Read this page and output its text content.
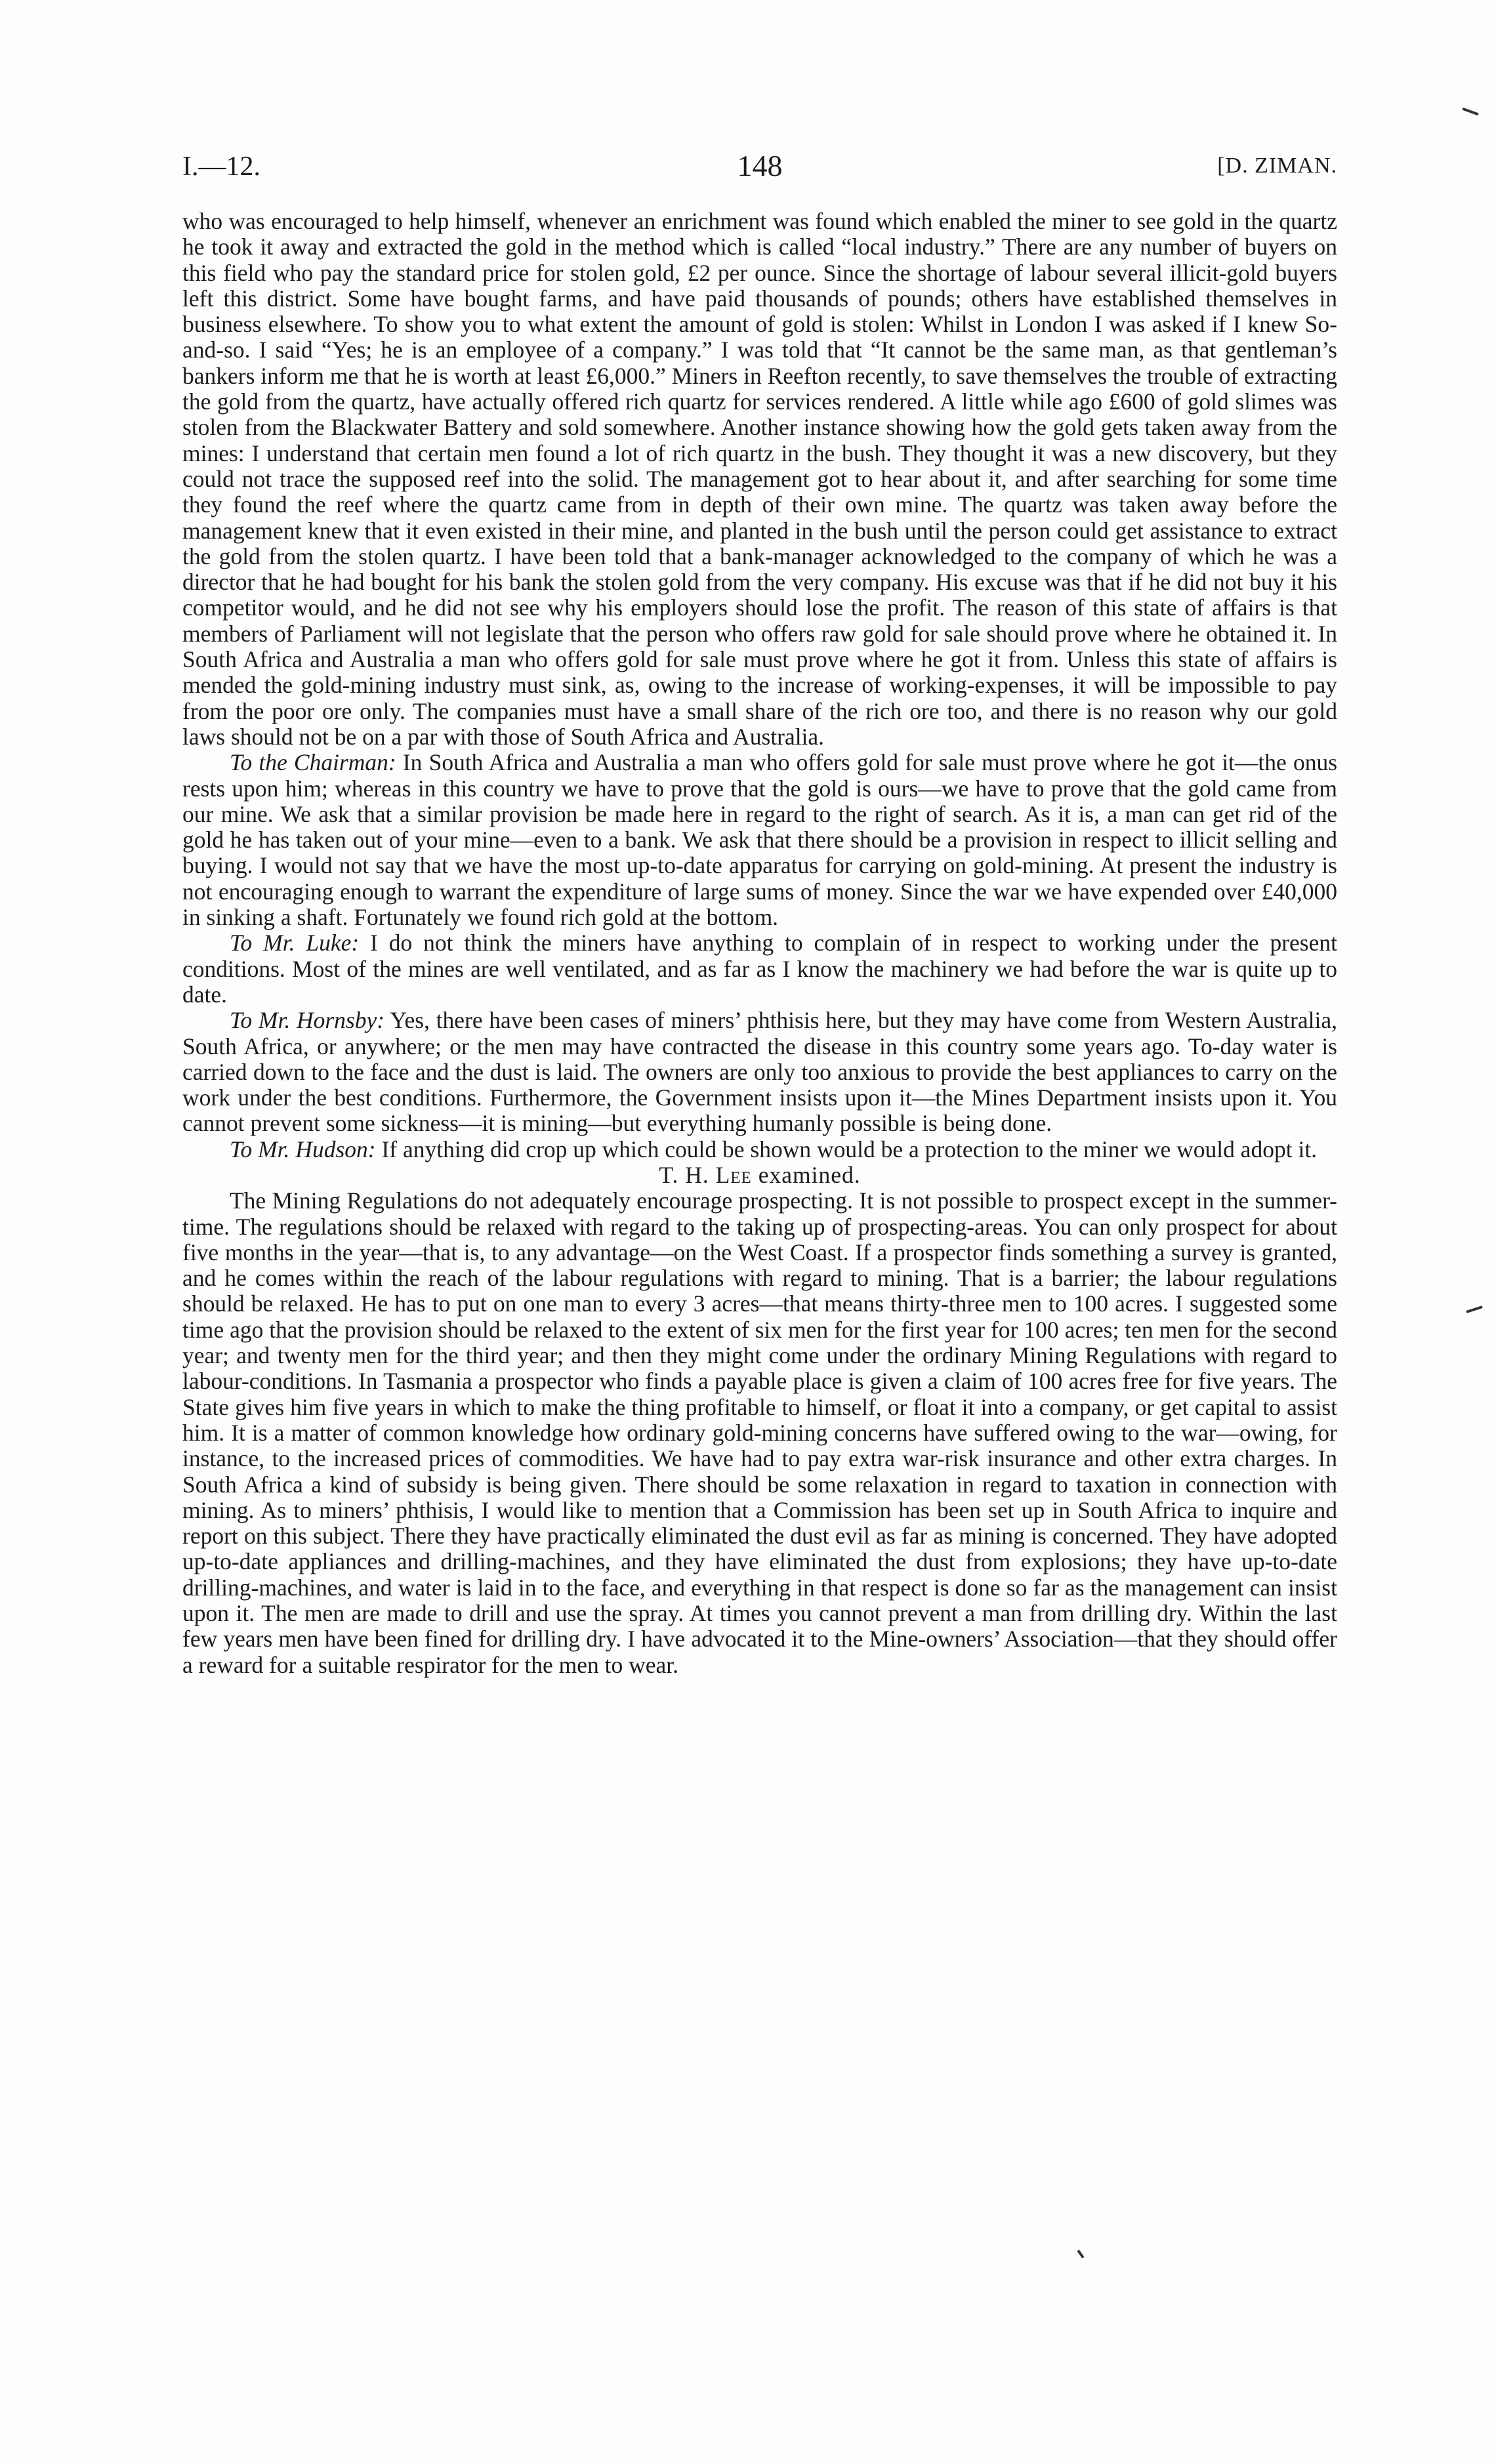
I.—12.	148	[D. ZIMAN.

who was encouraged to help himself, whenever an enrichment was found which enabled the miner to see gold in the quartz he took it away and extracted the gold in the method which is called “local industry.” There are any number of buyers on this field who pay the standard price for stolen gold, £2 per ounce. Since the shortage of labour several illicit-gold buyers left this district. Some have bought farms, and have paid thousands of pounds; others have established themselves in business elsewhere. To show you to what extent the amount of gold is stolen: Whilst in London I was asked if I knew So-and-so. I said “Yes; he is an employee of a company.” I was told that “It cannot be the same man, as that gentleman’s bankers inform me that he is worth at least £6,000.” Miners in Reefton recently, to save themselves the trouble of extracting the gold from the quartz, have actually offered rich quartz for services rendered. A little while ago £600 of gold slimes was stolen from the Blackwater Battery and sold somewhere. Another instance showing how the gold gets taken away from the mines: I understand that certain men found a lot of rich quartz in the bush. They thought it was a new discovery, but they could not trace the supposed reef into the solid. The management got to hear about it, and after searching for some time they found the reef where the quartz came from in depth of their own mine. The quartz was taken away before the management knew that it even existed in their mine, and planted in the bush until the person could get assistance to extract the gold from the stolen quartz. I have been told that a bank-manager acknowledged to the company of which he was a director that he had bought for his bank the stolen gold from the very company. His excuse was that if he did not buy it his competitor would, and he did not see why his employers should lose the profit. The reason of this state of affairs is that members of Parliament will not legislate that the person who offers raw gold for sale should prove where he obtained it. In South Africa and Australia a man who offers gold for sale must prove where he got it from. Unless this state of affairs is mended the gold-mining industry must sink, as, owing to the increase of working-expenses, it will be impossible to pay from the poor ore only. The companies must have a small share of the rich ore too, and there is no reason why our gold laws should not be on a par with those of South Africa and Australia.

To the Chairman: In South Africa and Australia a man who offers gold for sale must prove where he got it—the onus rests upon him; whereas in this country we have to prove that the gold is ours—we have to prove that the gold came from our mine. We ask that a similar provision be made here in regard to the right of search. As it is, a man can get rid of the gold he has taken out of your mine—even to a bank. We ask that there should be a provision in respect to illicit selling and buying. I would not say that we have the most up-to-date apparatus for carrying on gold-mining. At present the industry is not encouraging enough to warrant the expenditure of large sums of money. Since the war we have expended over £40,000 in sinking a shaft. Fortunately we found rich gold at the bottom.

To Mr. Luke: I do not think the miners have anything to complain of in respect to working under the present conditions. Most of the mines are well ventilated, and as far as I know the machinery we had before the war is quite up to date.

To Mr. Hornsby: Yes, there have been cases of miners’ phthisis here, but they may have come from Western Australia, South Africa, or anywhere; or the men may have contracted the disease in this country some years ago. To-day water is carried down to the face and the dust is laid. The owners are only too anxious to provide the best appliances to carry on the work under the best conditions. Furthermore, the Government insists upon it—the Mines Department insists upon it. You cannot prevent some sickness—it is mining—but everything humanly possible is being done.

To Mr. Hudson: If anything did crop up which could be shown would be a protection to the miner we would adopt it.

T. H. Lee examined.

The Mining Regulations do not adequately encourage prospecting. It is not possible to prospect except in the summer-time. The regulations should be relaxed with regard to the taking up of prospecting-areas. You can only prospect for about five months in the year—that is, to any advantage—on the West Coast. If a prospector finds something a survey is granted, and he comes within the reach of the labour regulations with regard to mining. That is a barrier; the labour regulations should be relaxed. He has to put on one man to every 3 acres—that means thirty-three men to 100 acres. I suggested some time ago that the provision should be relaxed to the extent of six men for the first year for 100 acres; ten men for the second year; and twenty men for the third year; and then they might come under the ordinary Mining Regulations with regard to labour-conditions. In Tasmania a prospector who finds a payable place is given a claim of 100 acres free for five years. The State gives him five years in which to make the thing profitable to himself, or float it into a company, or get capital to assist him. It is a matter of common knowledge how ordinary gold-mining concerns have suffered owing to the war—owing, for instance, to the increased prices of commodities. We have had to pay extra war-risk insurance and other extra charges. In South Africa a kind of subsidy is being given. There should be some relaxation in regard to taxation in connection with mining. As to miners’ phthisis, I would like to mention that a Commission has been set up in South Africa to inquire and report on this subject. There they have practically eliminated the dust evil as far as mining is concerned. They have adopted up-to-date appliances and drilling-machines, and they have eliminated the dust from explosions; they have up-to-date drilling-machines, and water is laid in to the face, and everything in that respect is done so far as the management can insist upon it. The men are made to drill and use the spray. At times you cannot prevent a man from drilling dry. Within the last few years men have been fined for drilling dry. I have advocated it to the Mine-owners’ Association—that they should offer a reward for a suitable respirator for the men to wear.
